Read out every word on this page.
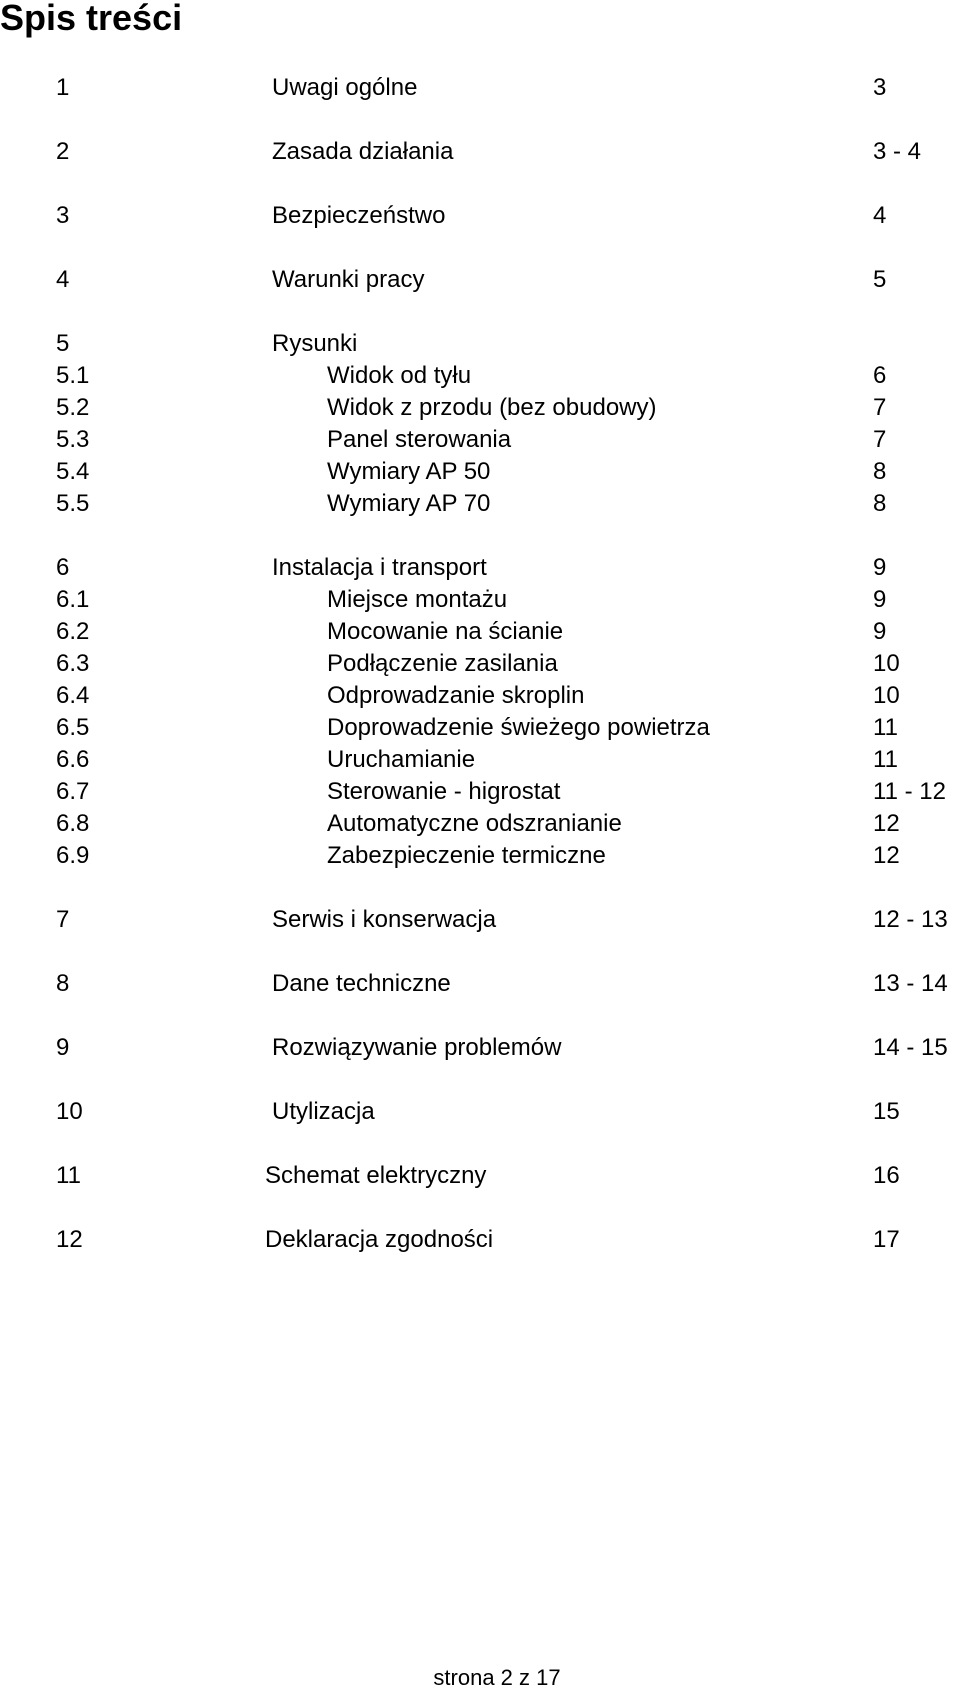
Spis treści
1	Uwagi ogólne	3
2	Zasada działania	3 - 4
3	Bezpieczeństwo	4
4	Warunki pracy	5
5	Rysunki
5.1	Widok od tyłu	6
5.2	Widok z przodu (bez obudowy)	7
5.3	Panel sterowania	7
5.4	Wymiary AP 50	8
5.5	Wymiary AP 70	8
6	Instalacja i transport	9
6.1	Miejsce montażu	9
6.2	Mocowanie na ścianie	9
6.3	Podłączenie zasilania	10
6.4	Odprowadzanie skroplin	10
6.5	Doprowadzenie świeżego powietrza	11
6.6	Uruchamianie	11
6.7	Sterowanie - higrostat	11 - 12
6.8	Automatyczne odszranianie	12
6.9	Zabezpieczenie termiczne	12
7	Serwis i konserwacja	12 - 13
8	Dane techniczne	13 - 14
9	Rozwiązywanie problemów	14 - 15
10	Utylizacja	15
11	Schemat elektryczny	16
12	Deklaracja zgodności	17
strona 2 z 17
